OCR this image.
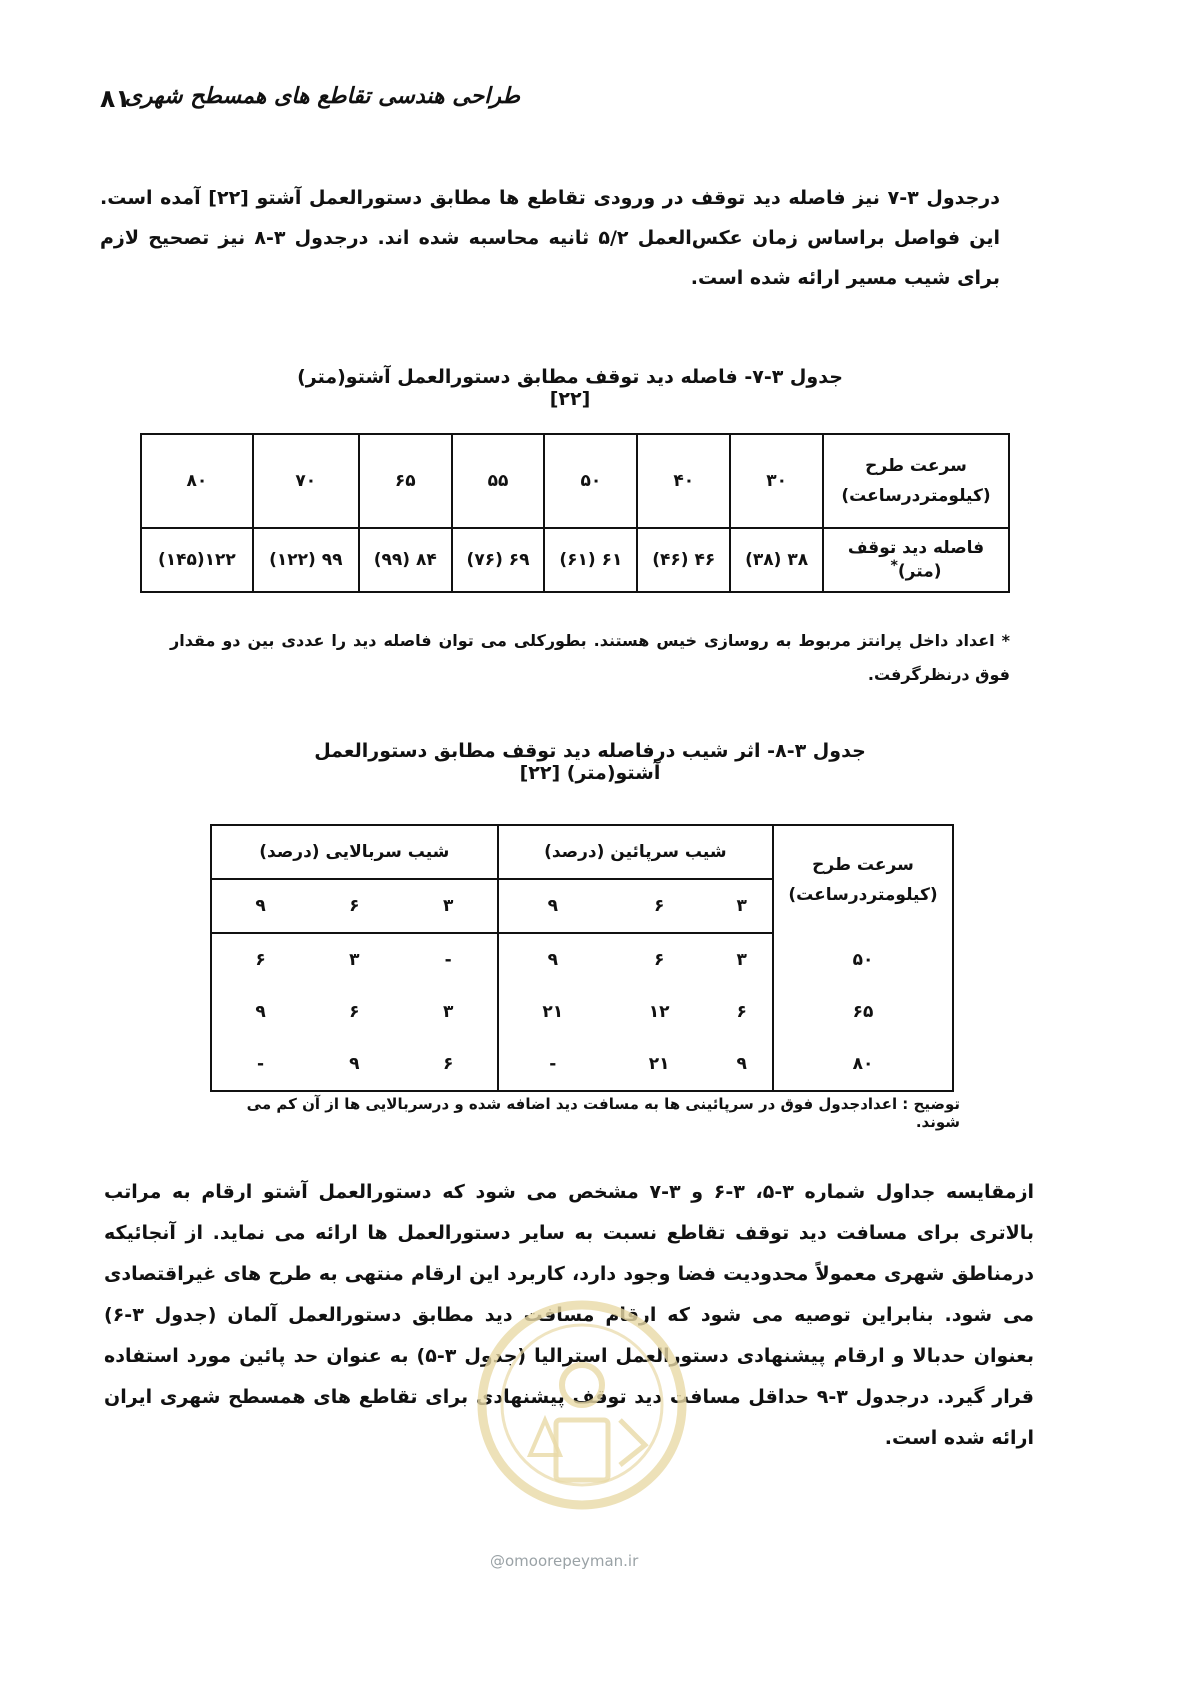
۸۱
طراحی هندسی تقاطع های همسطح شهری
درجدول ۳-۷ نیز فاصله دید توقف در ورودی تقاطع ها مطابق دستورالعمل آشتو [۲۲] آمده است. این فواصل براساس زمان عکس‌العمل ۵/۲ ثانیه محاسبه شده اند. درجدول ۳-۸ نیز تصحیح لازم برای شیب مسیر ارائه شده است.
جدول ۳-۷- فاصله دید توقف مطابق دستورالعمل آشتو(متر) [۲۲]
سرعت طرح
(کیلومتردرساعت)	۳۰	۴۰	۵۰	۵۵	۶۵	۷۰	۸۰
فاصله دید توقف (متر)*	۳۸ (۳۸)	۴۶ (۴۶)	۶۱ (۶۱)	۶۹ (۷۶)	۸۴ (۹۹)	۹۹ (۱۲۲)	۱۲۲(۱۴۵)
* اعداد داخل پرانتز مربوط به روسازی خیس هستند. بطورکلی می توان فاصله دید را عددی بین دو مقدار فوق درنظرگرفت.
جدول ۳-۸- اثر شیب درفاصله دید توقف مطابق دستورالعمل آشتو(متر) [۲۲]
سرعت طرح
(کیلومتردرساعت)	شیب سرپائین (درصد)			شیب سربالایی (درصد)		
	۳	۶	۹	۳	۶	۹
۵۰	۳	۶	۹	-	۳	۶
۶۵	۶	۱۲	۲۱	۳	۶	۹
۸۰	۹	۲۱	-	۶	۹	-
توضیح : اعدادجدول فوق در سرپائینی ها به مسافت دید اضافه شده و درسربالایی ها از آن کم می شوند.
ازمقایسه جداول شماره ۳-۵، ۳-۶ و ۳-۷ مشخص می شود که دستورالعمل آشتو ارقام به مراتب بالاتری برای مسافت دید توقف تقاطع نسبت به سایر دستورالعمل ها ارائه می نماید. از آنجائیکه درمناطق شهری معمولاً محدودیت فضا وجود دارد، کاربرد این ارقام منتهی به طرح های غیراقتصادی می شود. بنابراین توصیه می شود که ارقام مسافت دید مطابق دستورالعمل آلمان (جدول ۳-۶) بعنوان حدبالا و ارقام پیشنهادی دستورالعمل استرالیا (جدول ۳-۵) به عنوان حد پائین مورد استفاده قرار گیرد. درجدول ۳-۹ حداقل مسافت دید توقف پیشنهادی برای تقاطع های همسطح شهری ایران ارائه شده است.
@omoorepeyman.ir
